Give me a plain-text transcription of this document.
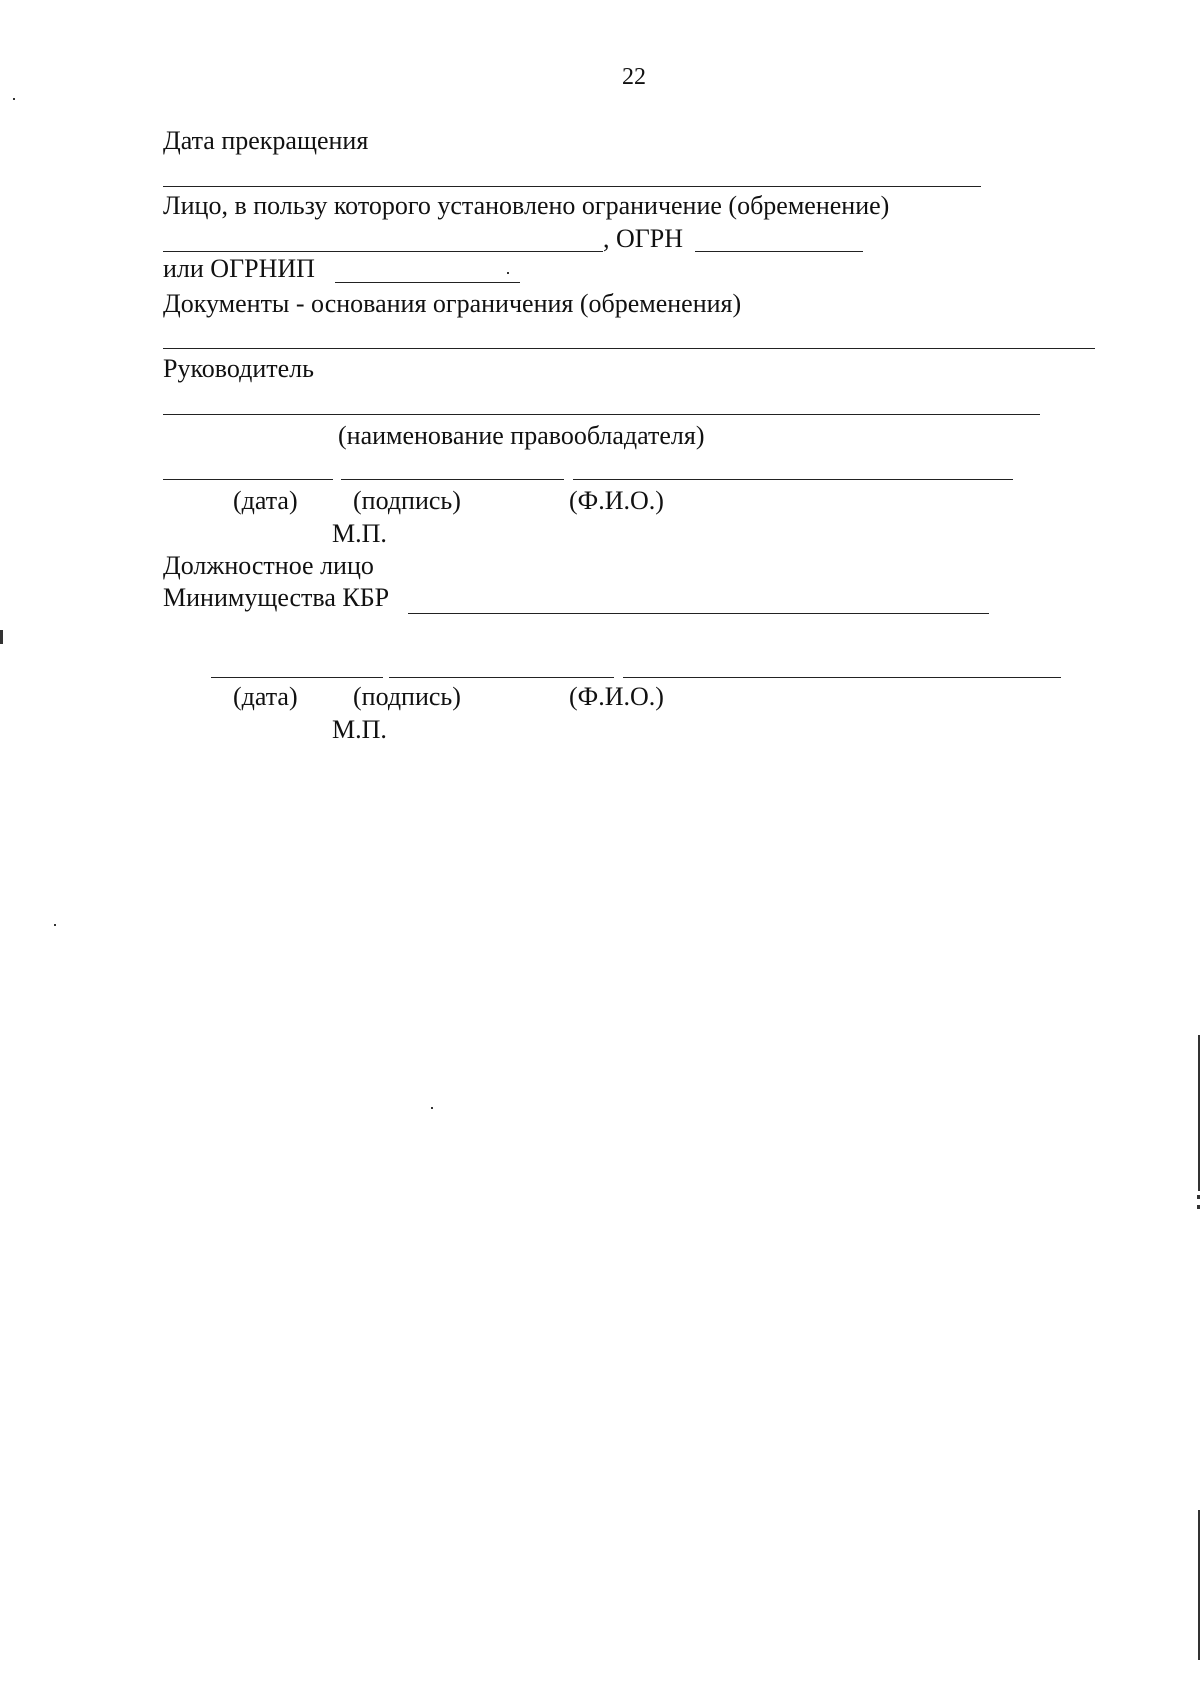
22
Дата прекращения
Лицо, в пользу которого установлено ограничение (обременение)
, ОГРН
или ОГРНИП
Документы - основания ограничения (обременения)
Руководитель
(наименование правообладателя)
(дата) (подпись)	(Ф.И.О.)
М.П.
Должностное лицо
Минимущества КБР
(дата) (подпись)	(Ф.И.О.)
М.П.
